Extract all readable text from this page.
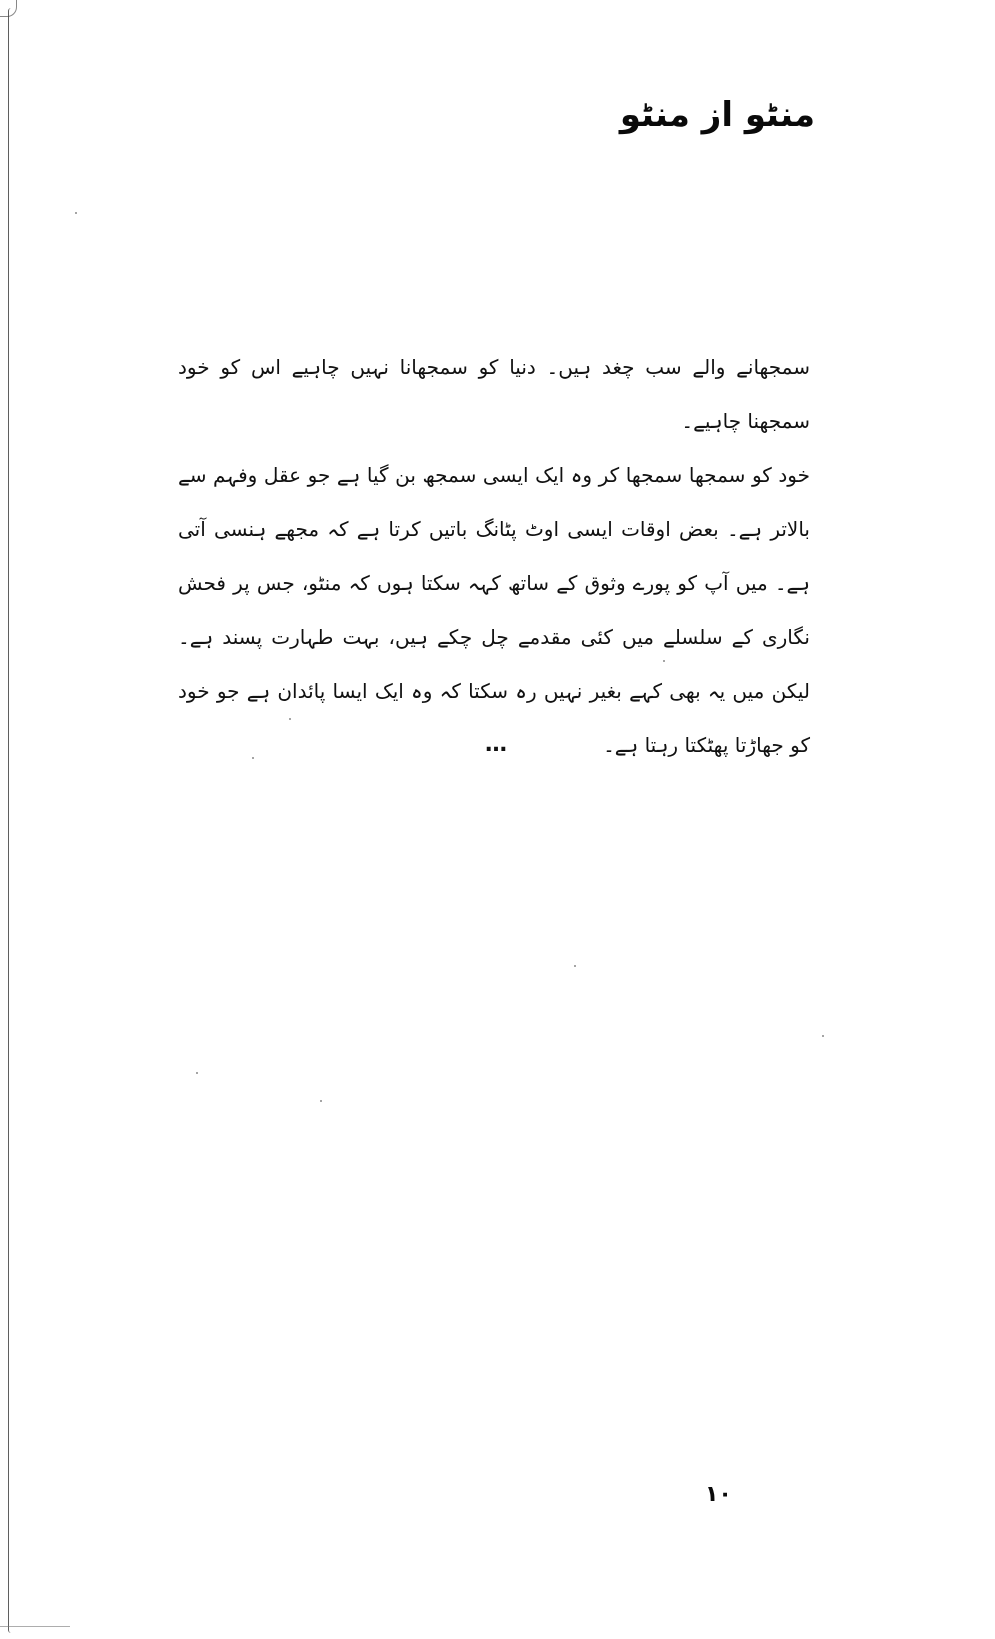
منٹو از منٹو

سمجھانے والے سب چغد ہیں۔ دنیا کو سمجھانا نہیں چاہیے اس کو خود سمجھنا چاہیے۔

خود کو سمجھا سمجھا کر وہ ایک ایسی سمجھ بن گیا ہے جو عقل وفہم سے بالاتر ہے۔ بعض اوقات ایسی اوٹ پٹانگ باتیں کرتا ہے کہ مجھے ہنسی آتی ہے۔ میں آپ کو پورے وثوق کے ساتھ کہہ سکتا ہوں کہ منٹو، جس پر فحش نگاری کے سلسلے میں کئی مقدمے چل چکے ہیں، بہت طہارت پسند ہے۔ لیکن میں یہ بھی کہے بغیر نہیں رہ سکتا کہ وہ ایک ایسا پائدان ہے جو خود کو جھاڑتا پھٹکتا رہتا ہے۔

…
١٠
